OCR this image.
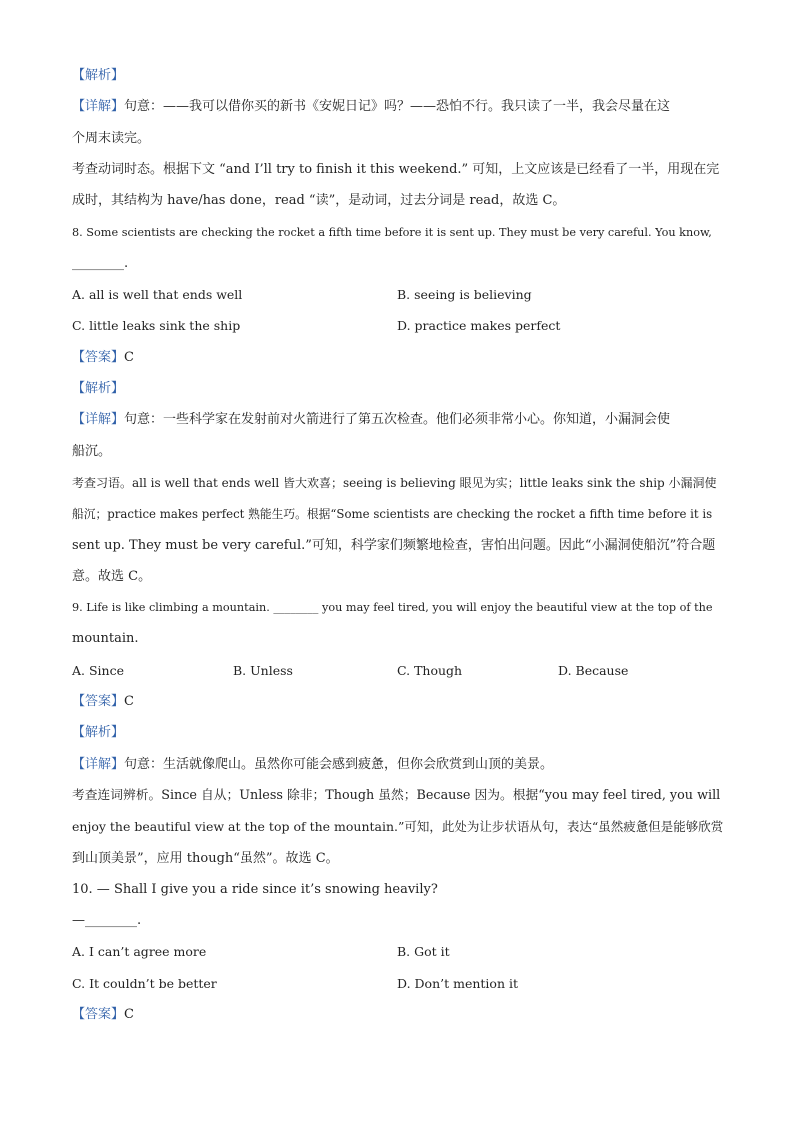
【解析】
【详解】句意：——我可以借你买的新书《安妮日记》吗？——恐怕不行。我只读了一半，我会尽量在这
个周末读完。
考查动词时态。根据下文 “and I’ll try to finish it this weekend.” 可知，上文应该是已经看了一半，用现在完
成时，其结构为 have/has done，read “读”，是动词，过去分词是 read，故选 C。
8. Some scientists are checking the rocket a fifth time before it is sent up. They must be very careful. You know,
________.
A. all is well that ends well	B. seeing is believing
C. little leaks sink the ship	D. practice makes perfect
【答案】C
【解析】
【详解】句意：一些科学家在发射前对火箭进行了第五次检查。他们必须非常小心。你知道，小漏洞会使
船沉。
考查习语。all is well that ends well 皆大欢喜；seeing is believing 眼见为实；little leaks sink the ship 小漏洞使
船沉；practice makes perfect 熟能生巧。根据“Some scientists are checking the rocket a fifth time before it is
sent up. They must be very careful.”可知，科学家们频繁地检查，害怕出问题。因此“小漏洞使船沉”符合题
意。故选 C。
9. Life is like climbing a mountain. ________ you may feel tired, you will enjoy the beautiful view at the top of the
mountain.
A. Since	B. Unless	C. Though	D. Because
【答案】C
【解析】
【详解】句意：生活就像爬山。虽然你可能会感到疲惫，但你会欣赏到山顶的美景。
考查连词辨析。Since 自从；Unless 除非；Though 虽然；Because 因为。根据“you may feel tired, you will
enjoy the beautiful view at the top of the mountain.”可知，此处为让步状语从句，表达“虽然疲惫但是能够欣赏
到山顶美景”，应用 though“虽然”。故选 C。
10. — Shall I give you a ride since it’s snowing heavily?
—________.
A. I can’t agree more	B. Got it
C. It couldn’t be better	D. Don’t mention it
【答案】C
